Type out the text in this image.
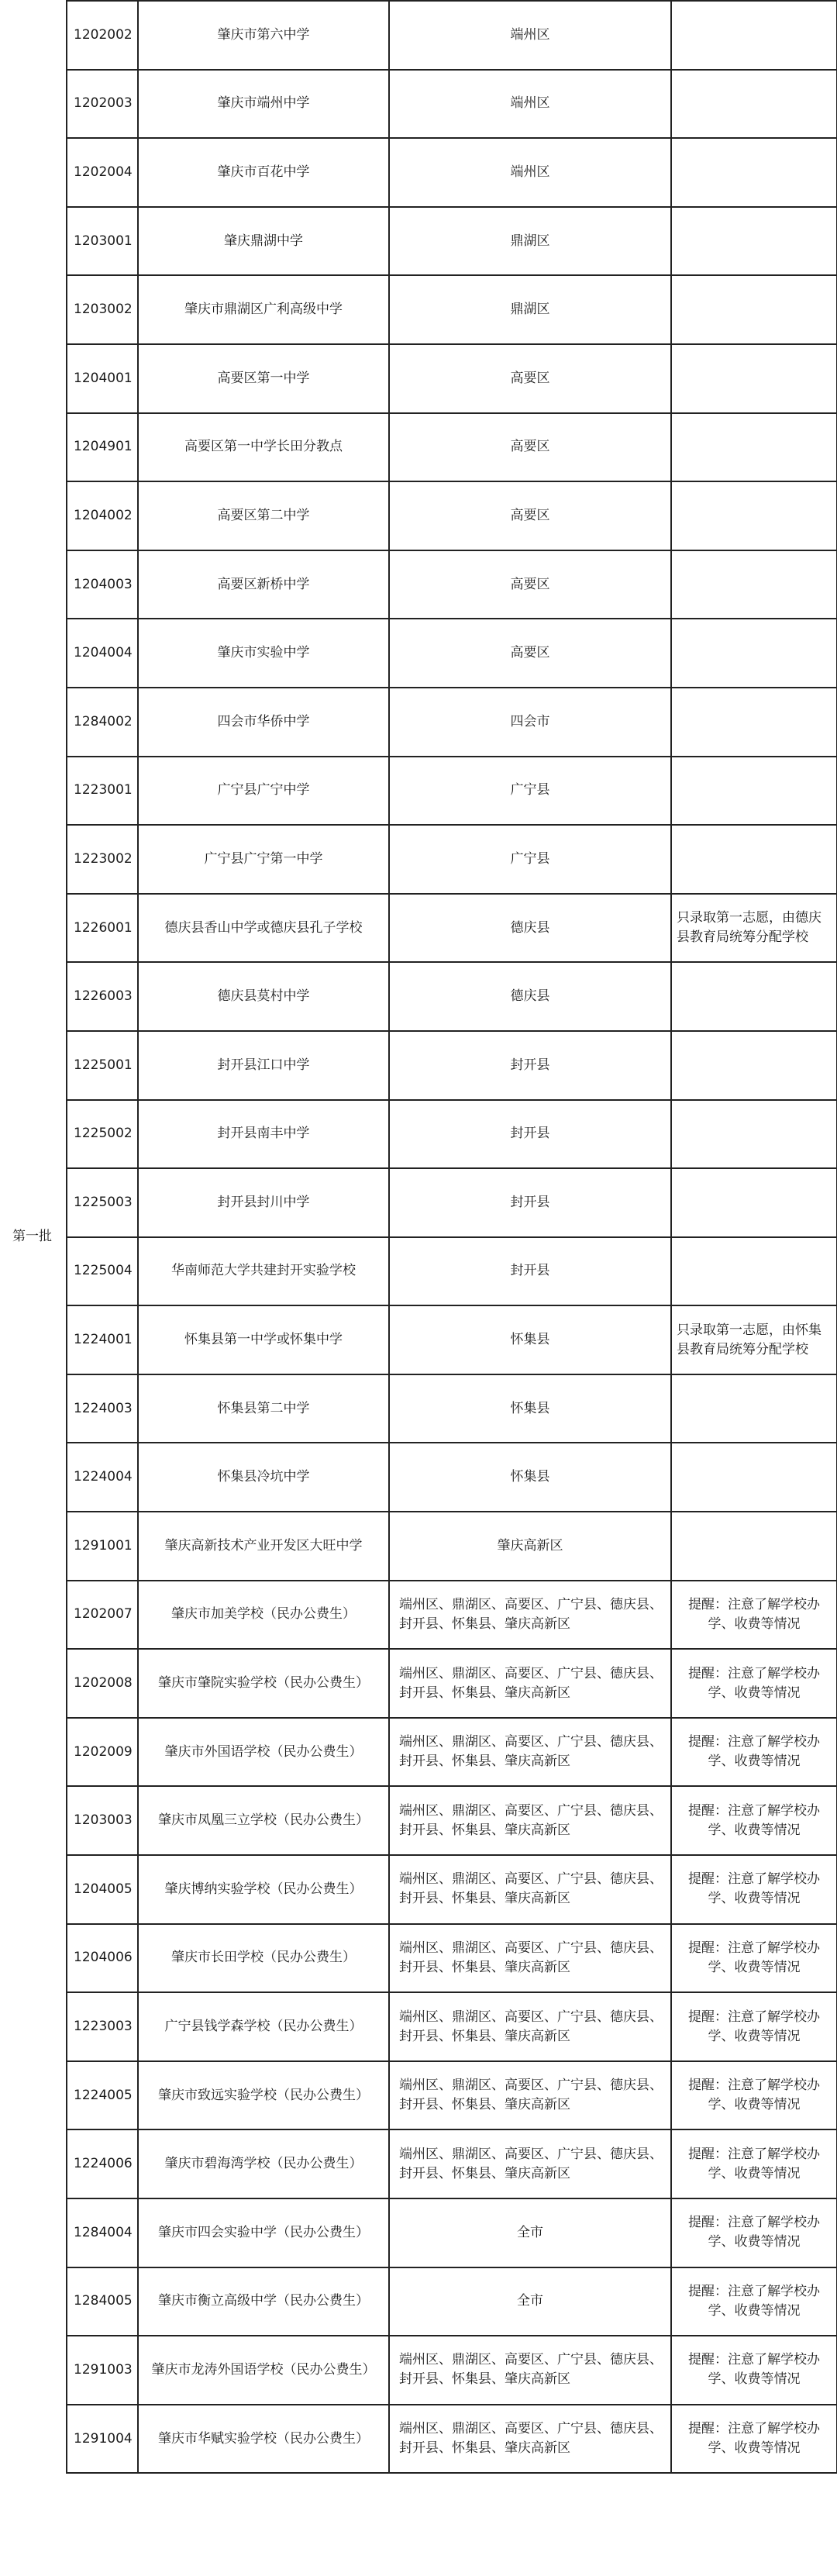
第一批	1202002	肇庆市第六中学	端州区	
	1202003	肇庆市端州中学	端州区	
	1202004	肇庆市百花中学	端州区	
	1203001	肇庆鼎湖中学	鼎湖区	
	1203002	肇庆市鼎湖区广利高级中学	鼎湖区	
	1204001	高要区第一中学	高要区	
	1204901	高要区第一中学长田分教点	高要区	
	1204002	高要区第二中学	高要区	
	1204003	高要区新桥中学	高要区	
	1204004	肇庆市实验中学	高要区	
	1284002	四会市华侨中学	四会市	
	1223001	广宁县广宁中学	广宁县	
	1223002	广宁县广宁第一中学	广宁县	
	1226001	德庆县香山中学或德庆县孔子学校	德庆县	只录取第一志愿，由德庆县教育局统筹分配学校
	1226003	德庆县莫村中学	德庆县	
	1225001	封开县江口中学	封开县	
	1225002	封开县南丰中学	封开县	
	1225003	封开县封川中学	封开县	
	1225004	华南师范大学共建封开实验学校	封开县	
	1224001	怀集县第一中学或怀集中学	怀集县	只录取第一志愿，由怀集县教育局统筹分配学校
	1224003	怀集县第二中学	怀集县	
	1224004	怀集县冷坑中学	怀集县	
	1291001	肇庆高新技术产业开发区大旺中学	肇庆高新区	
	1202007	肇庆市加美学校（民办公费生）	端州区、鼎湖区、高要区、广宁县、德庆县、封开县、怀集县、肇庆高新区	提醒：注意了解学校办学、收费等情况
	1202008	肇庆市肇院实验学校（民办公费生）	端州区、鼎湖区、高要区、广宁县、德庆县、封开县、怀集县、肇庆高新区	提醒：注意了解学校办学、收费等情况
	1202009	肇庆市外国语学校（民办公费生）	端州区、鼎湖区、高要区、广宁县、德庆县、封开县、怀集县、肇庆高新区	提醒：注意了解学校办学、收费等情况
	1203003	肇庆市凤凰三立学校（民办公费生）	端州区、鼎湖区、高要区、广宁县、德庆县、封开县、怀集县、肇庆高新区	提醒：注意了解学校办学、收费等情况
	1204005	肇庆博纳实验学校（民办公费生）	端州区、鼎湖区、高要区、广宁县、德庆县、封开县、怀集县、肇庆高新区	提醒：注意了解学校办学、收费等情况
	1204006	肇庆市长田学校（民办公费生）	端州区、鼎湖区、高要区、广宁县、德庆县、封开县、怀集县、肇庆高新区	提醒：注意了解学校办学、收费等情况
	1223003	广宁县钱学森学校（民办公费生）	端州区、鼎湖区、高要区、广宁县、德庆县、封开县、怀集县、肇庆高新区	提醒：注意了解学校办学、收费等情况
	1224005	肇庆市致远实验学校（民办公费生）	端州区、鼎湖区、高要区、广宁县、德庆县、封开县、怀集县、肇庆高新区	提醒：注意了解学校办学、收费等情况
	1224006	肇庆市碧海湾学校（民办公费生）	端州区、鼎湖区、高要区、广宁县、德庆县、封开县、怀集县、肇庆高新区	提醒：注意了解学校办学、收费等情况
	1284004	肇庆市四会实验中学（民办公费生）	全市	提醒：注意了解学校办学、收费等情况
	1284005	肇庆市衡立高级中学（民办公费生）	全市	提醒：注意了解学校办学、收费等情况
	1291003	肇庆市龙涛外国语学校（民办公费生）	端州区、鼎湖区、高要区、广宁县、德庆县、封开县、怀集县、肇庆高新区	提醒：注意了解学校办学、收费等情况
	1291004	肇庆市华赋实验学校（民办公费生）	端州区、鼎湖区、高要区、广宁县、德庆县、封开县、怀集县、肇庆高新区	提醒：注意了解学校办学、收费等情况
